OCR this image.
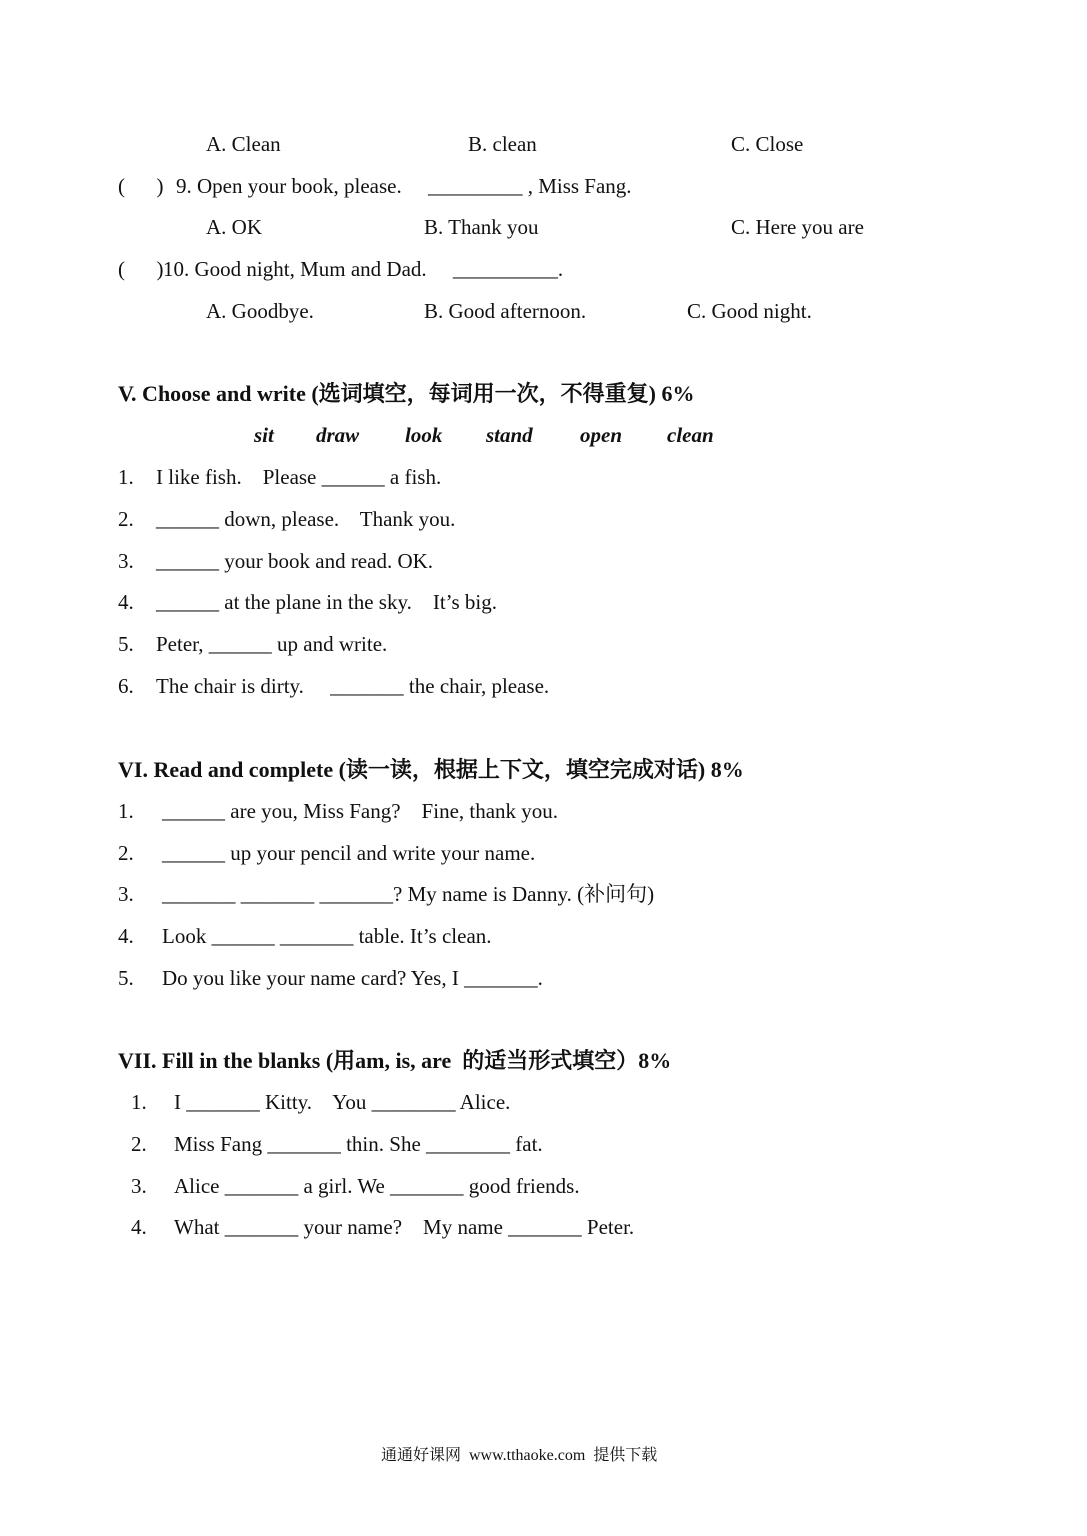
A. Clean	B. clean	C. Close
(      ) 9. Open your book, please.     _________ , Miss Fang.
A. OK	B. Thank you	C. Here you are
(      ) 10. Good night, Mum and Dad.     __________.
A. Goodbye.	B. Good afternoon.	C. Good night.
V. Choose and write (选词填空，每词用一次，不得重复) 6%
sit draw look stand open clean
1. I like fish.    Please ______ a fish.
2. ______ down, please.    Thank you.
3. ______ your book and read. OK.
4. ______ at the plane in the sky.    It’s big.
5. Peter, ______ up and write.
6. The chair is dirty.     _______ the chair, please.
VI. Read and complete (读一读，根据上下文，填空完成对话) 8%
1. ______ are you, Miss Fang?    Fine, thank you.
2. ______ up your pencil and write your name.
3. _______ _______ _______? My name is Danny. (补问句)
4. Look ______ _______ table. It’s clean.
5. Do you like your name card? Yes, I _______.
VII. Fill in the blanks (用am, is, are  的适当形式填空）8%
1. I _______ Kitty.    You ________ Alice.
2. Miss Fang _______ thin. She ________ fat.
3. Alice _______ a girl. We _______ good friends.
4. What _______ your name?    My name _______ Peter.
通通好课网  www.tthaoke.com  提供下载
